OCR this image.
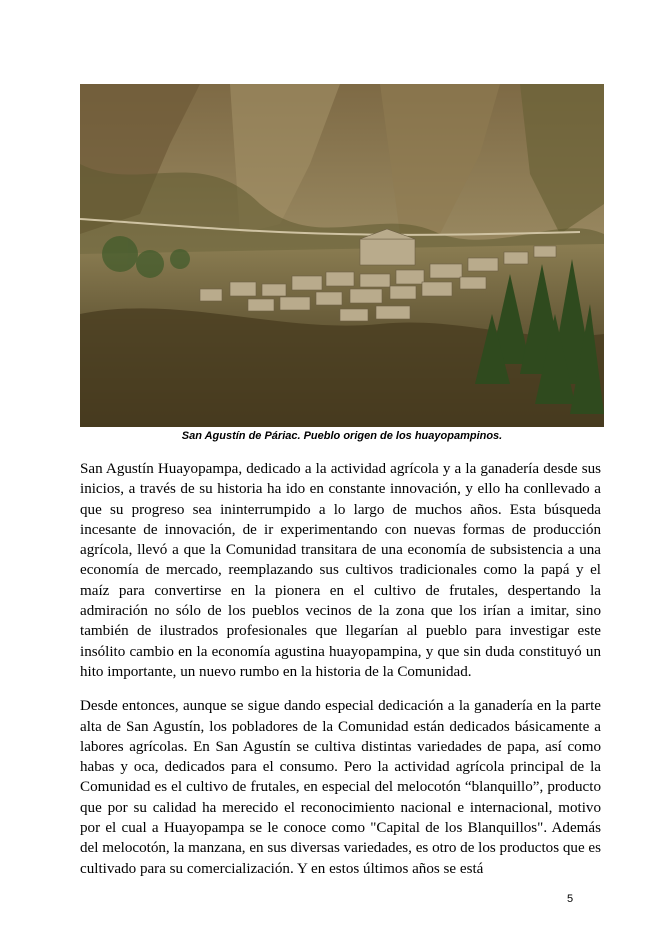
San Agustín de Páriac. Pueblo origen de los huayopampinos.

San Agustín Huayopampa, dedicado a la actividad agrícola y a la ganadería desde sus inicios, a través de su historia ha ido en constante innovación, y ello ha conllevado a que su progreso sea ininterrumpido a lo largo de muchos años. Esta búsqueda incesante de innovación, de ir experimentando con nuevas formas de producción agrícola, llevó a que la Comunidad transitara de una economía de subsistencia a una economía de mercado, reemplazando sus cultivos tradicionales como la papá y el maíz para convertirse en la pionera en el cultivo de frutales, despertando la admiración no sólo de los pueblos vecinos de la zona que los irían a imitar, sino también de ilustrados profesionales que llegarían al pueblo para investigar este insólito cambio en la economía agustina huayopampina, y que sin duda constituyó un hito importante, un nuevo rumbo en la historia de la Comunidad.

Desde entonces, aunque se sigue dando especial dedicación a la ganadería en la parte alta de San Agustín, los pobladores de la Comunidad están dedicados básicamente a labores agrícolas. En San Agustín se cultiva distintas variedades de papa, así como habas y oca, dedicados para el consumo. Pero la actividad agrícola principal de la Comunidad es el cultivo de frutales, en especial del melocotón “blanquillo”, producto que por su calidad ha merecido el reconocimiento nacional e internacional, motivo por el cual a Huayopampa se le conoce como "Capital de los Blanquillos". Además del melocotón, la manzana, en sus diversas variedades, es otro de los productos que es cultivado para su comercialización. Y en estos últimos años se está

5
